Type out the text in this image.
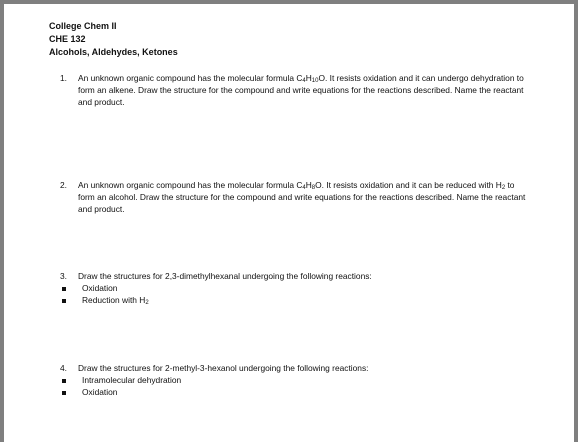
College Chem II
CHE 132
Alcohols, Aldehydes, Ketones
1.	An unknown organic compound has the molecular formula $C_4H_{10}O$. It resists oxidation and it can undergo dehydration to form an alkene. Draw the structure for the compound and write equations for the reactions described. Name the reactant and product.
2.	An unknown organic compound has the molecular formula $C_4H_8O$. It resists oxidation and it can be reduced with $H_2$ to form an alcohol. Draw the structure for the compound and write equations for the reactions described. Name the reactant and product.
3.	Draw the structures for 2,3-dimethylhexanal undergoing the following reactions:
Oxidation
Reduction with $H_2$
4.	Draw the structures for 2-methyl-3-hexanol undergoing the following reactions:
Intramolecular dehydration
Oxidation
